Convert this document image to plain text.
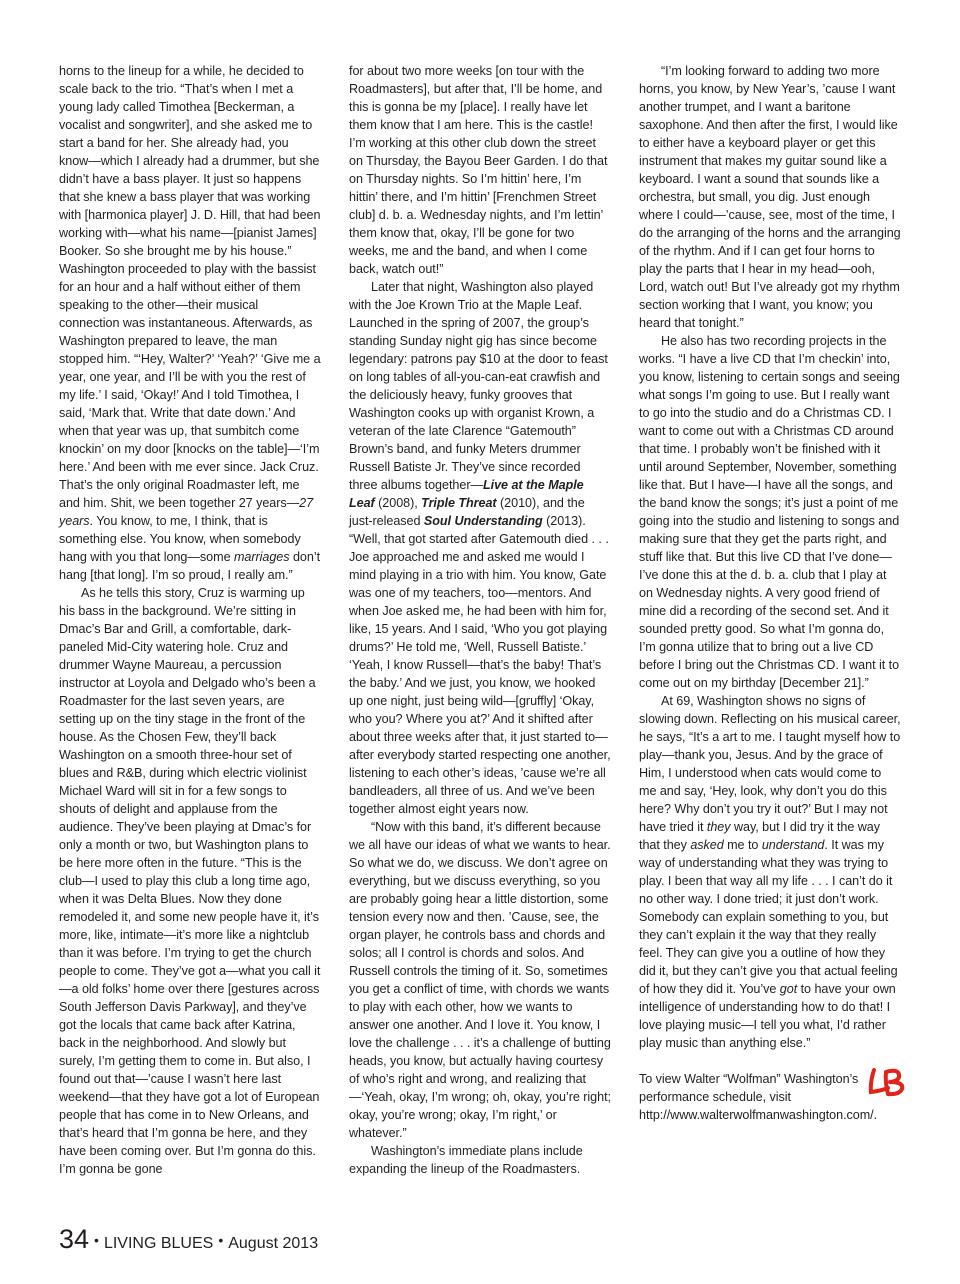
horns to the lineup for a while, he decided to scale back to the trio. “That’s when I met a young lady called Timothea [Beckerman, a vocalist and songwriter], and she asked me to start a band for her. She already had, you know—which I already had a drummer, but she didn’t have a bass player. It just so happens that she knew a bass player that was working with [harmonica player] J. D. Hill, that had been working with—what his name—[pianist James] Booker. So she brought me by his house.” Washington proceeded to play with the bassist for an hour and a half without either of them speaking to the other—their musical connection was instantaneous. Afterwards, as Washington prepared to leave, the man stopped him. “‘Hey, Walter?’ ‘Yeah?’ ‘Give me a year, one year, and I’ll be with you the rest of my life.’ I said, ‘Okay!’ And I told Timothea, I said, ‘Mark that. Write that date down.’ And when that year was up, that sumbitch come knockin’ on my door [knocks on the table]—‘I’m here.’ And been with me ever since. Jack Cruz. That’s the only original Roadmaster left, me and him. Shit, we been together 27 years—27 years. You know, to me, I think, that is something else. You know, when somebody hang with you that long—some marriages don’t hang [that long]. I’m so proud, I really am.”

As he tells this story, Cruz is warming up his bass in the background. We’re sitting in Dmac’s Bar and Grill, a comfortable, dark-paneled Mid-City watering hole. Cruz and drummer Wayne Maureau, a percussion instructor at Loyola and Delgado who’s been a Roadmaster for the last seven years, are setting up on the tiny stage in the front of the house. As the Chosen Few, they’ll back Washington on a smooth three-hour set of blues and R&B, during which electric violinist Michael Ward will sit in for a few songs to shouts of delight and applause from the audience. They’ve been playing at Dmac’s for only a month or two, but Washington plans to be here more often in the future. “This is the club—I used to play this club a long time ago, when it was Delta Blues. Now they done remodeled it, and some new people have it, it’s more, like, intimate—it’s more like a nightclub than it was before. I’m trying to get the church people to come. They’ve got a—what you call it—a old folks’ home over there [gestures across South Jefferson Davis Parkway], and they’ve got the locals that came back after Katrina, back in the neighborhood. And slowly but surely, I’m getting them to come in. But also, I found out that—’cause I wasn’t here last weekend—that they have got a lot of European people that has come in to New Orleans, and that’s heard that I’m gonna be here, and they have been coming over. But I’m gonna do this. I’m gonna be gone

for about two more weeks [on tour with the Roadmasters], but after that, I’ll be home, and this is gonna be my [place]. I really have let them know that I am here. This is the castle! I’m working at this other club down the street on Thursday, the Bayou Beer Garden. I do that on Thursday nights. So I’m hittin’ here, I’m hittin’ there, and I’m hittin’ [Frenchmen Street club] d. b. a. Wednesday nights, and I’m lettin’ them know that, okay, I’ll be gone for two weeks, me and the band, and when I come back, watch out!”

Later that night, Washington also played with the Joe Krown Trio at the Maple Leaf. Launched in the spring of 2007, the group’s standing Sunday night gig has since become legendary: patrons pay $10 at the door to feast on long tables of all-you-can-eat crawfish and the deliciously heavy, funky grooves that Washington cooks up with organist Krown, a veteran of the late Clarence “Gatemouth” Brown’s band, and funky Meters drummer Russell Batiste Jr. They’ve since recorded three albums together—Live at the Maple Leaf (2008), Triple Threat (2010), and the just-released Soul Understanding (2013). “Well, that got started after Gatemouth died . . . Joe approached me and asked me would I mind playing in a trio with him. You know, Gate was one of my teachers, too—mentors. And when Joe asked me, he had been with him for, like, 15 years. And I said, ‘Who you got playing drums?’ He told me, ‘Well, Russell Batiste.’ ‘Yeah, I know Russell—that’s the baby! That’s the baby.’ And we just, you know, we hooked up one night, just being wild—[gruffly] ‘Okay, who you? Where you at?’ And it shifted after about three weeks after that, it just started to—after everybody started respecting one another, listening to each other’s ideas, ’cause we’re all bandleaders, all three of us. And we’ve been together almost eight years now.

“Now with this band, it’s different because we all have our ideas of what we wants to hear. So what we do, we discuss. We don’t agree on everything, but we discuss everything, so you are probably going hear a little distortion, some tension every now and then. ’Cause, see, the organ player, he controls bass and chords and solos; all I control is chords and solos. And Russell controls the timing of it. So, sometimes you get a conflict of time, with chords we wants to play with each other, how we wants to answer one another. And I love it. You know, I love the challenge . . . it’s a challenge of butting heads, you know, but actually having courtesy of who’s right and wrong, and realizing that—‘Yeah, okay, I’m wrong; oh, okay, you’re right; okay, you’re wrong; okay, I’m right,’ or whatever.”

Washington’s immediate plans include expanding the lineup of the Roadmasters.

“I’m looking forward to adding two more horns, you know, by New Year’s, ’cause I want another trumpet, and I want a baritone saxophone. And then after the first, I would like to either have a keyboard player or get this instrument that makes my guitar sound like a keyboard. I want a sound that sounds like a orchestra, but small, you dig. Just enough where I could—’cause, see, most of the time, I do the arranging of the horns and the arranging of the rhythm. And if I can get four horns to play the parts that I hear in my head—ooh, Lord, watch out! But I’ve already got my rhythm section working that I want, you know; you heard that tonight.”

He also has two recording projects in the works. “I have a live CD that I’m checkin’ into, you know, listening to certain songs and seeing what songs I’m going to use. But I really want to go into the studio and do a Christmas CD. I want to come out with a Christmas CD around that time. I probably won’t be finished with it until around September, November, something like that. But I have—I have all the songs, and the band know the songs; it’s just a point of me going into the studio and listening to songs and making sure that they get the parts right, and stuff like that. But this live CD that I’ve done—I’ve done this at the d. b. a. club that I play at on Wednesday nights. A very good friend of mine did a recording of the second set. And it sounded pretty good. So what I’m gonna do, I’m gonna utilize that to bring out a live CD before I bring out the Christmas CD. I want it to come out on my birthday [December 21].”

At 69, Washington shows no signs of slowing down. Reflecting on his musical career, he says, “It’s a art to me. I taught myself how to play—thank you, Jesus. And by the grace of Him, I understood when cats would come to me and say, ‘Hey, look, why don’t you do this here? Why don’t you try it out?’ But I may not have tried it they way, but I did try it the way that they asked me to understand. It was my way of understanding what they was trying to play. I been that way all my life . . . I can’t do it no other way. I done tried; it just don’t work. Somebody can explain something to you, but they can’t explain it the way that they really feel. They can give you a outline of how they did it, but they can’t give you that actual feeling of how they did it. You’ve got to have your own intelligence of understanding how to do that! I love playing music—I tell you what, I’d rather play music than anything else.”

To view Walter “Wolfman” Washington’s performance schedule, visit http://www.walterwolfmanwashington.com/.

34 • LIVING BLUES • August 2013
